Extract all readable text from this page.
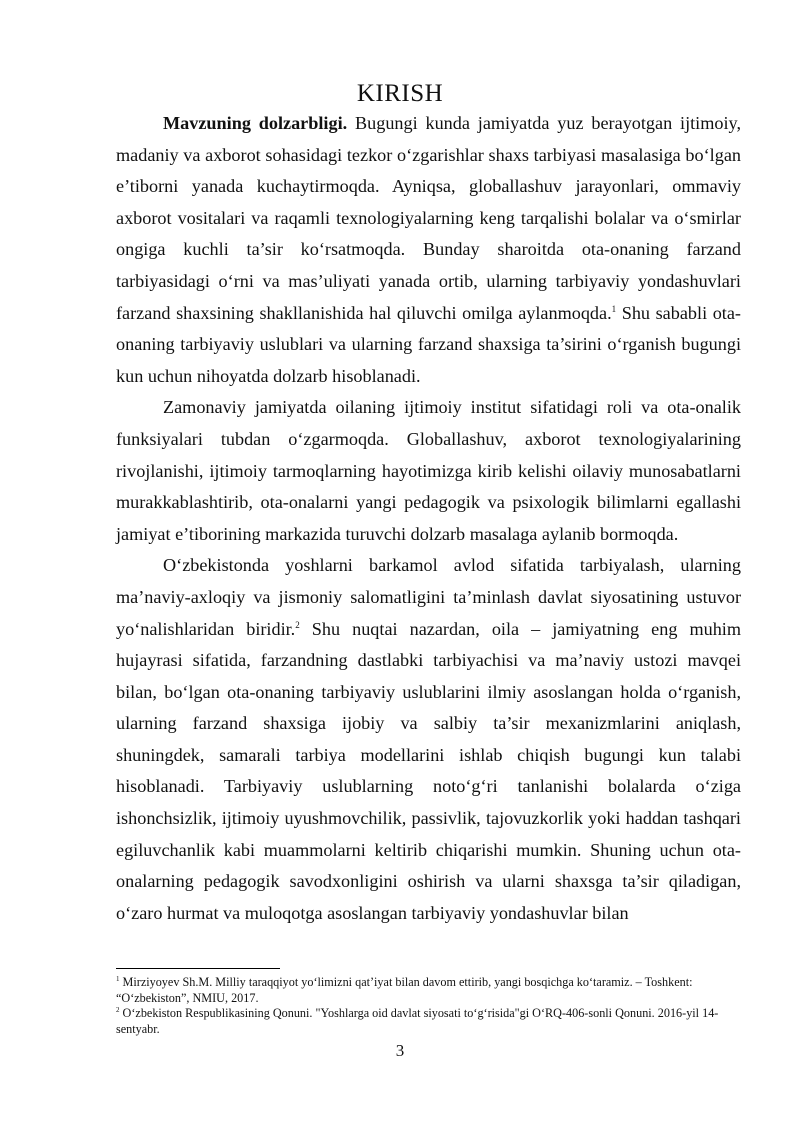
KIRISH

Mavzuning dolzarbligi. Bugungi kunda jamiyatda yuz berayotgan ijtimoiy, madaniy va axborot sohasidagi tezkor oʻzgarishlar shaxs tarbiyasi masalasiga boʻlgan e’tiborni yanada kuchaytirmoqda. Ayniqsa, globallashuv jarayonlari, ommaviy axborot vositalari va raqamli texnologiyalarning keng tarqalishi bolalar va oʻsmirlar ongiga kuchli ta’sir koʻrsatmoqda. Bunday sharoitda ota-onaning farzand tarbiyasidagi oʻrni va mas’uliyati yanada ortib, ularning tarbiyaviy yondashuvlari farzand shaxsining shakllanishida hal qiluvchi omilga aylanmoqda.$^1$ Shu sababli ota-onaning tarbiyaviy uslublari va ularning farzand shaxsiga ta’sirini oʻrganish bugungi kun uchun nihoyatda dolzarb hisoblanadi.

Zamonaviy jamiyatda oilaning ijtimoiy institut sifatidagi roli va ota-onalik funksiyalari tubdan oʻzgarmoqda. Globallashuv, axborot texnologiyalarining rivojlanishi, ijtimoiy tarmoqlarning hayotimizga kirib kelishi oilaviy munosabatlarni murakkablashtirib, ota-onalarni yangi pedagogik va psixologik bilimlarni egallashi jamiyat e’tiborining markazida turuvchi dolzarb masalaga aylanib bormoqda.

Oʻzbekistonda yoshlarni barkamol avlod sifatida tarbiyalash, ularning ma’naviy-axloqiy va jismoniy salomatligini ta’minlash davlat siyosatining ustuvor yoʻnalishlaridan biridir.$^2$ Shu nuqtai nazardan, oila – jamiyatning eng muhim hujayrasi sifatida, farzandning dastlabki tarbiyachisi va ma’naviy ustozi mavqei bilan, boʻlgan ota-onaning tarbiyaviy uslublarini ilmiy asoslangan holda oʻrganish, ularning farzand shaxsiga ijobiy va salbiy ta’sir mexanizmlarini aniqlash, shuningdek, samarali tarbiya modellarini ishlab chiqish bugungi kun talabi hisoblanadi. Tarbiyaviy uslublarning notoʻgʻri tanlanishi bolalarda oʻziga ishonchsizlik, ijtimoiy uyushmovchilik, passivlik, tajovuzkorlik yoki haddan tashqari egiluvchanlik kabi muammolarni keltirib chiqarishi mumkin. Shuning uchun ota-onalarning pedagogik savodxonligini oshirish va ularni shaxsga ta’sir qiladigan, oʻzaro hurmat va muloqotga asoslangan tarbiyaviy yondashuvlar bilan

$^1$ Mirziyoyev Sh.M. Milliy taraqqiyot yoʻlimizni qat’iyat bilan davom ettirib, yangi bosqichga koʻtaramiz. – Toshkent: “Oʻzbekiston”, NMIU, 2017.

$^2$ Oʻzbekiston Respublikasining Qonuni. "Yoshlarga oid davlat siyosati toʻgʻrisida"gi OʻRQ-406-sonli Qonuni. 2016-yil 14-sentyabr.

3
